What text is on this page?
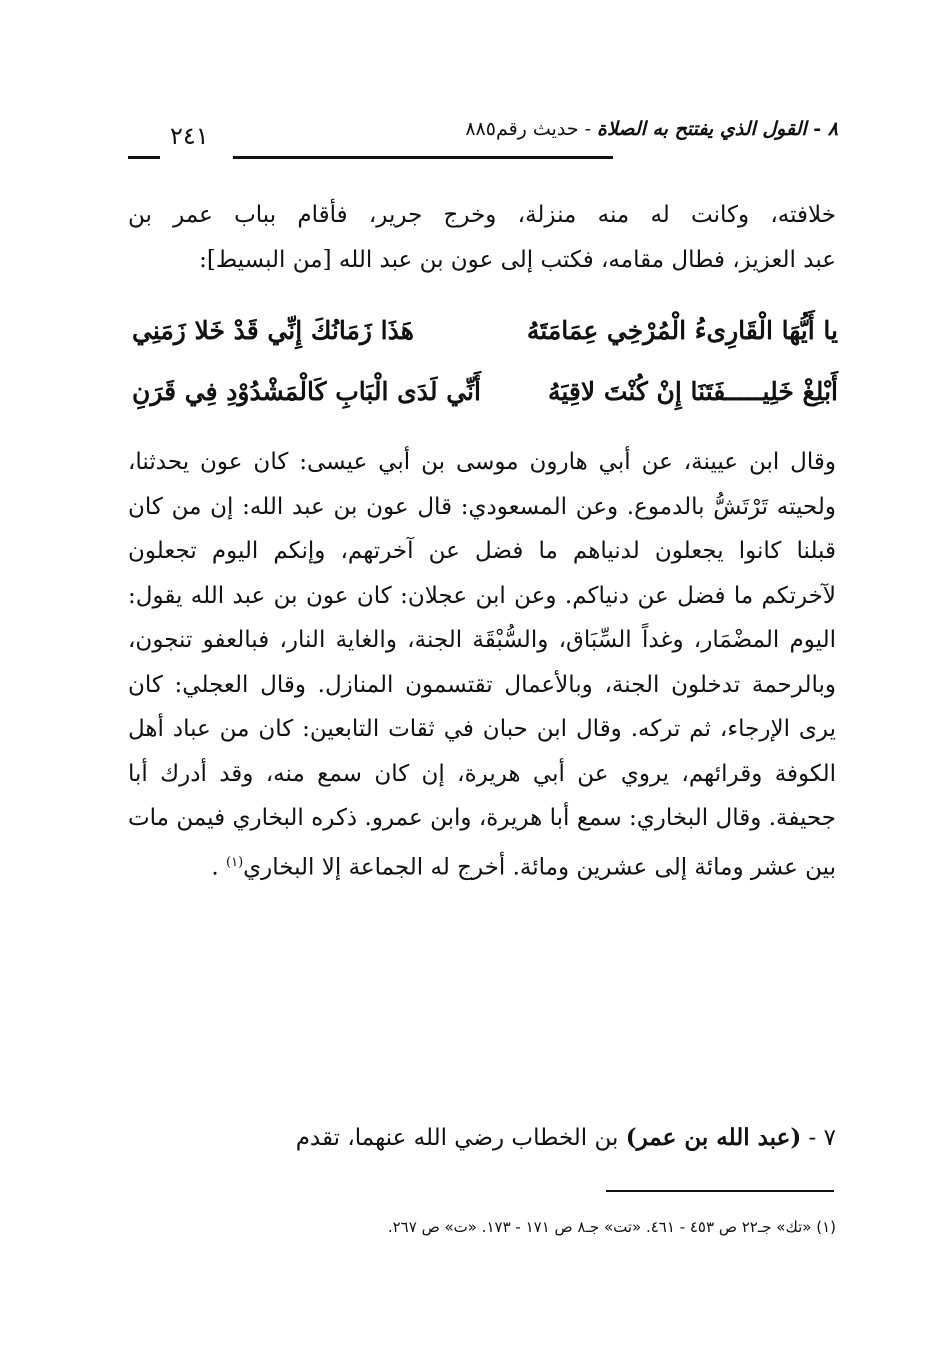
٨ - القول الذي يفتتح به الصلاة - حديث رقم٨٨٥
٢٤١
خلافته، وكانت له منه منزلة، وخرج جرير، فأقام بباب عمر بن
عبد العزيز، فطال مقامه، فكتب إلى عون بن عبد الله [من البسيط]:
يا أَيُّهَا الْقَارِىءُ الْمُرْخِي عِمَامَتَهُ
هَذَا زَمَانُكَ إِنِّي قَدْ خَلا زَمَنِي
أَبْلِغْ خَلِيـــــفَتَنَا إِنْ كُنْتَ لاقِيَهُ
أَنِّي لَدَى الْبَابِ كَالْمَشْدُوْدِ فِي قَرَنِ
وقال ابن عيينة، عن أبي هارون موسى بن أبي عيسى: كان عون يحدثنا، ولحيته تَرْتَشُّ بالدموع. وعن المسعودي: قال عون بن عبد الله: إن من كان قبلنا كانوا يجعلون لدنياهم ما فضل عن آخرتهم، وإنكم اليوم تجعلون لآخرتكم ما فضل عن دنياكم. وعن ابن عجلان: كان عون بن عبد الله يقول: اليوم المضْمَار، وغداً السِّبَاق، والسُّبْقَة الجنة، والغاية النار، فبالعفو تنجون، وبالرحمة تدخلون الجنة، وبالأعمال تقتسمون المنازل. وقال العجلي: كان يرى الإرجاء، ثم تركه. وقال ابن حبان في ثقات التابعين: كان من عباد أهل الكوفة وقرائهم، يروي عن أبي هريرة، إن كان سمع منه، وقد أدرك أبا جحيفة. وقال البخاري: سمع أبا هريرة، وابن عمرو. ذكره البخاري فيمن مات بين عشر ومائة إلى عشرين ومائة. أخرج له الجماعة إلا البخاري$^{(١)}$ .
٧ - (عبد الله بن عمر) بن الخطاب رضي الله عنهما، تقدم
(١) «تك» جـ٢٢ ص ٤٥٣ - ٤٦١. «تت» جـ٨ ص ١٧١ - ١٧٣. «ت» ص ٢٦٧.
